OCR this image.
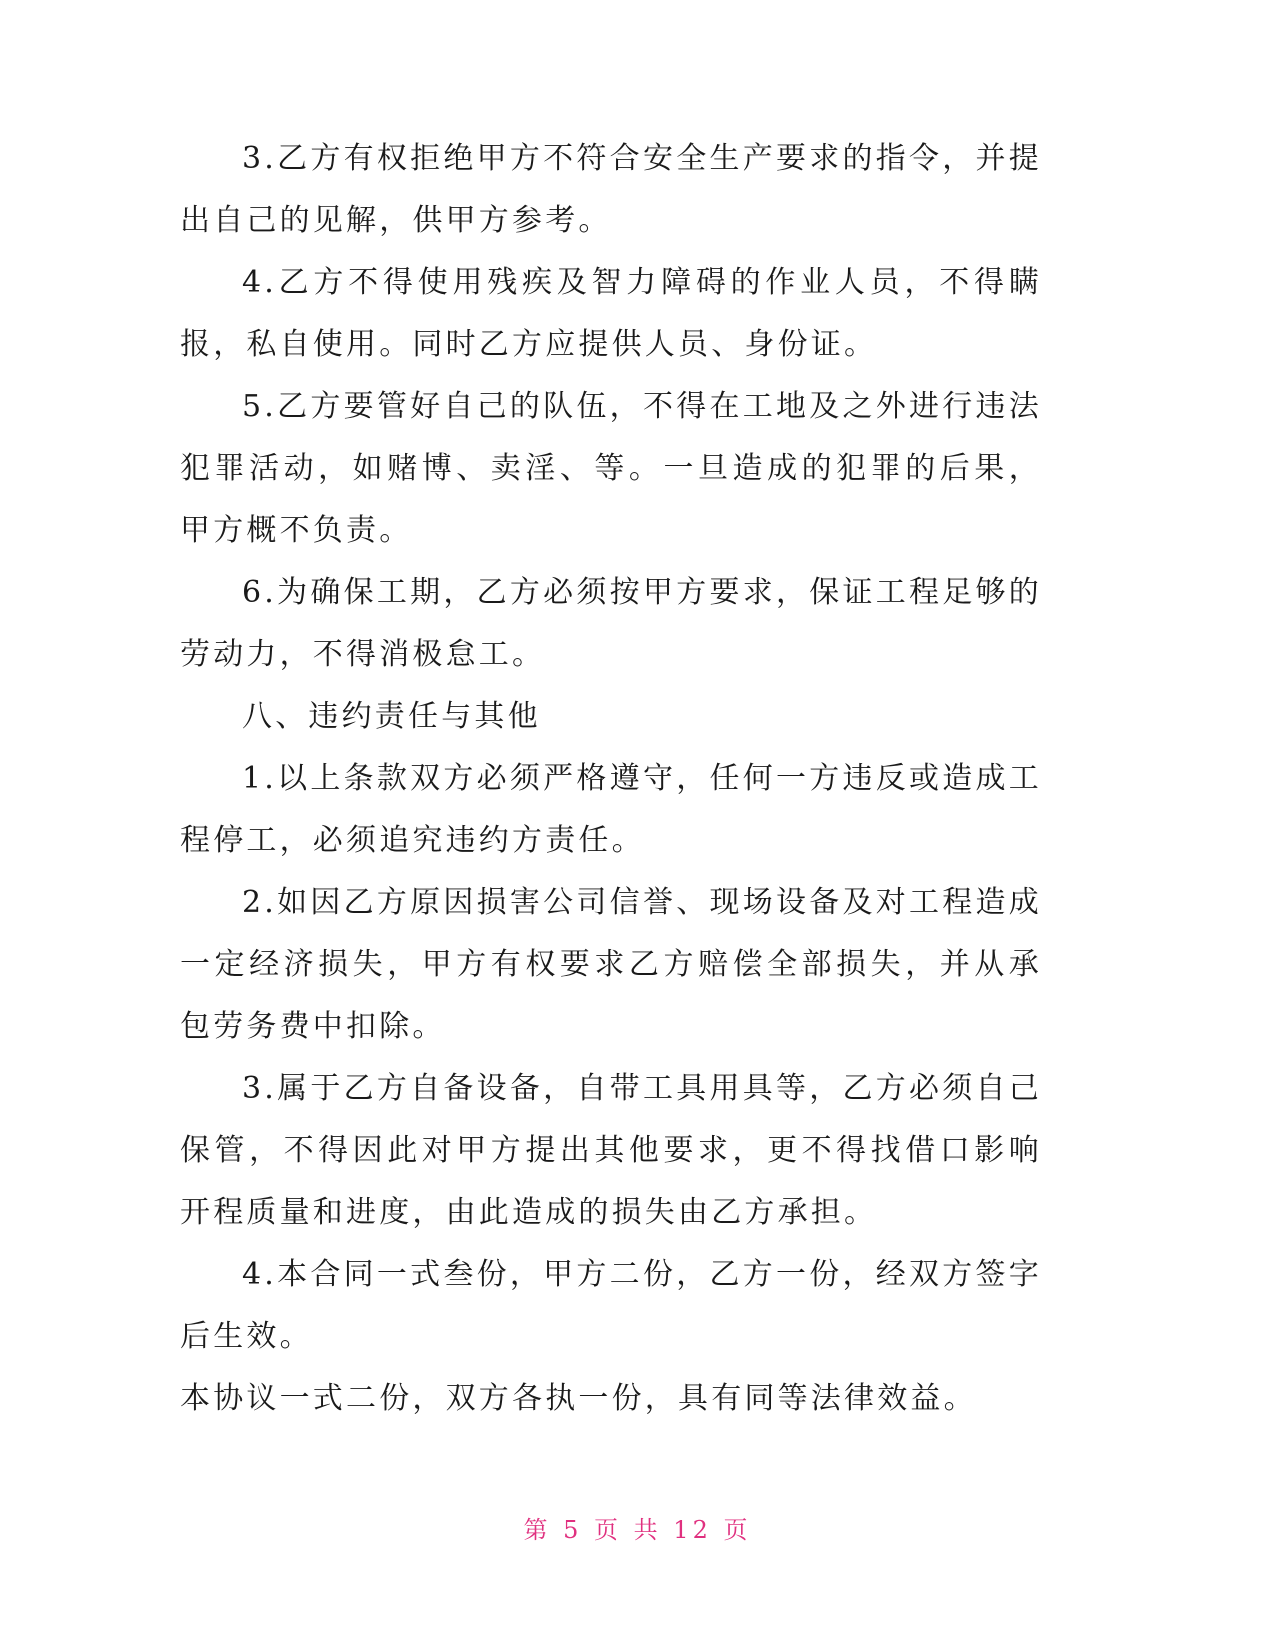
3.乙方有权拒绝甲方不符合安全生产要求的指令，并提出自己的见解，供甲方参考。

4.乙方不得使用残疾及智力障碍的作业人员，不得瞒报，私自使用。同时乙方应提供人员、身份证。

5.乙方要管好自己的队伍，不得在工地及之外进行违法犯罪活动，如赌博、卖淫、等。一旦造成的犯罪的后果，甲方概不负责。

6.为确保工期，乙方必须按甲方要求，保证工程足够的劳动力，不得消极怠工。

八、违约责任与其他

1.以上条款双方必须严格遵守，任何一方违反或造成工程停工，必须追究违约方责任。

2.如因乙方原因损害公司信誉、现场设备及对工程造成一定经济损失，甲方有权要求乙方赔偿全部损失，并从承包劳务费中扣除。

3.属于乙方自备设备，自带工具用具等，乙方必须自己保管，不得因此对甲方提出其他要求，更不得找借口影响开程质量和进度，由此造成的损失由乙方承担。

4.本合同一式叁份，甲方二份，乙方一份，经双方签字后生效。

本协议一式二份，双方各执一份，具有同等法律效益。

第 5 页 共 12 页
